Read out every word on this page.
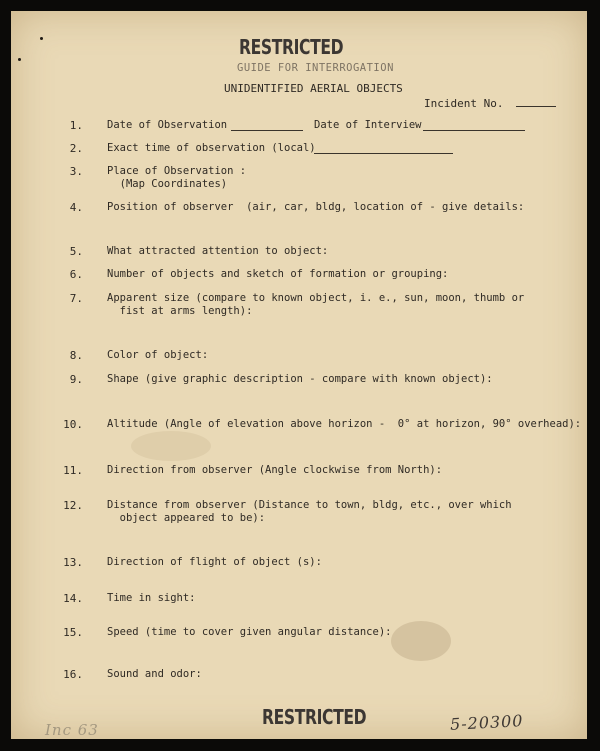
RESTRICTED
GUIDE FOR INTERROGATION
UNIDENTIFIED AERIAL OBJECTS
Incident No.
1. Date of Observation	Date of Interview
2. Exact time of observation (local)
3. Place of Observation :
(Map Coordinates)
4. Position of observer  (air, car, bldg, location of - give details:
5. What attracted attention to object:
6. Number of objects and sketch of formation or grouping:
7. Apparent size (compare to known object, i. e., sun, moon, thumb or
fist at arms length):
8. Color of object:
9. Shape (give graphic description - compare with known object):
10. Altitude (Angle of elevation above horizon -  0° at horizon, 90° overhead):
11. Direction from observer (Angle clockwise from North):
12. Distance from observer (Distance to town, bldg, etc., over which
object appeared to be):
13. Direction of flight of object (s):
14. Time in sight:
15. Speed (time to cover given angular distance):
16. Sound and odor:
RESTRICTED
Inc 63	5-20300
